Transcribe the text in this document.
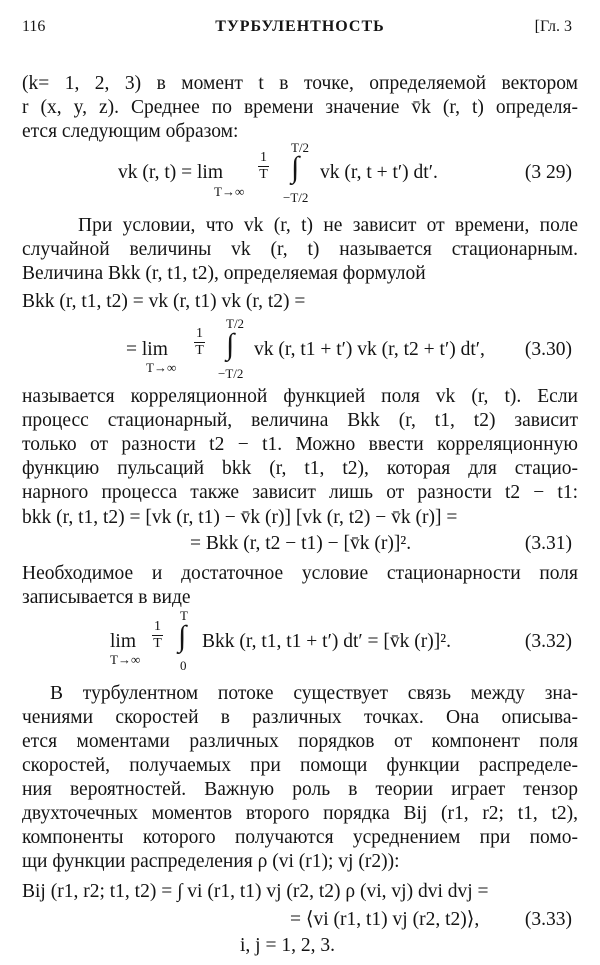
116	ТУРБУЛЕНТНОСТЬ	[Гл. 3
(k= 1, 2, 3) в момент t в точке, определяемой вектором
r (x, y, z). Среднее по времени значение v̄k (r, t) определя-
ется следующим образом:
vk (r, t) = lim
T→∞
$\frac{1}{T}$
T/2
∫
−T/2
vk (r, t + t′) dt′.	(3 29)
При условии, что vk (r, t) не зависит от времени, поле
случайной величины vk (r, t) называется стационарным.
Величина Bkk (r, t1, t2), определяемая формулой
Bkk (r, t1, t2) = vk (r, t1) vk (r, t2) =
= lim
T→∞
$\frac{1}{T}$
T/2
∫
−T/2
vk (r, t1 + t′) vk (r, t2 + t′) dt′, (3.30)
называется корреляционной функцией поля vk (r, t). Если
процесс стационарный, величина Bkk (r, t1, t2) зависит
только от разности t2 − t1. Можно ввести корреляционную
функцию пульсаций bkk (r, t1, t2), которая для стацио-
нарного процесса также зависит лишь от разности t2 − t1:
bkk (r, t1, t2) = [vk (r, t1) − v̄k (r)] [vk (r, t2) − v̄k (r)] =
= Bkk (r, t2 − t1) − [v̄k (r)]².	(3.31)
Необходимое и достаточное условие стационарности поля
записывается в виде
lim
T→∞
$\frac{1}{T}$
T
∫
0
Bkk (r, t1, t1 + t′) dt′ = [v̄k (r)]².	(3.32)
В турбулентном потоке существует связь между зна-
чениями скоростей в различных точках. Она описыва-
ется моментами различных порядков от компонент поля
скоростей, получаемых при помощи функции распределе-
ния вероятностей. Важную роль в теории играет тензор
двухточечных моментов второго порядка Bij (r1, r2; t1, t2),
компоненты которого получаются усреднением при помо-
щи функции распределения ρ (vi (r1); vj (r2)):
Bij (r1, r2; t1, t2) = ∫ vi (r1, t1) vj (r2, t2) ρ (vi, vj) dvi dvj =
= ⟨vi (r1, t1) vj (r2, t2)⟩, (3.33)
i, j = 1, 2, 3.
